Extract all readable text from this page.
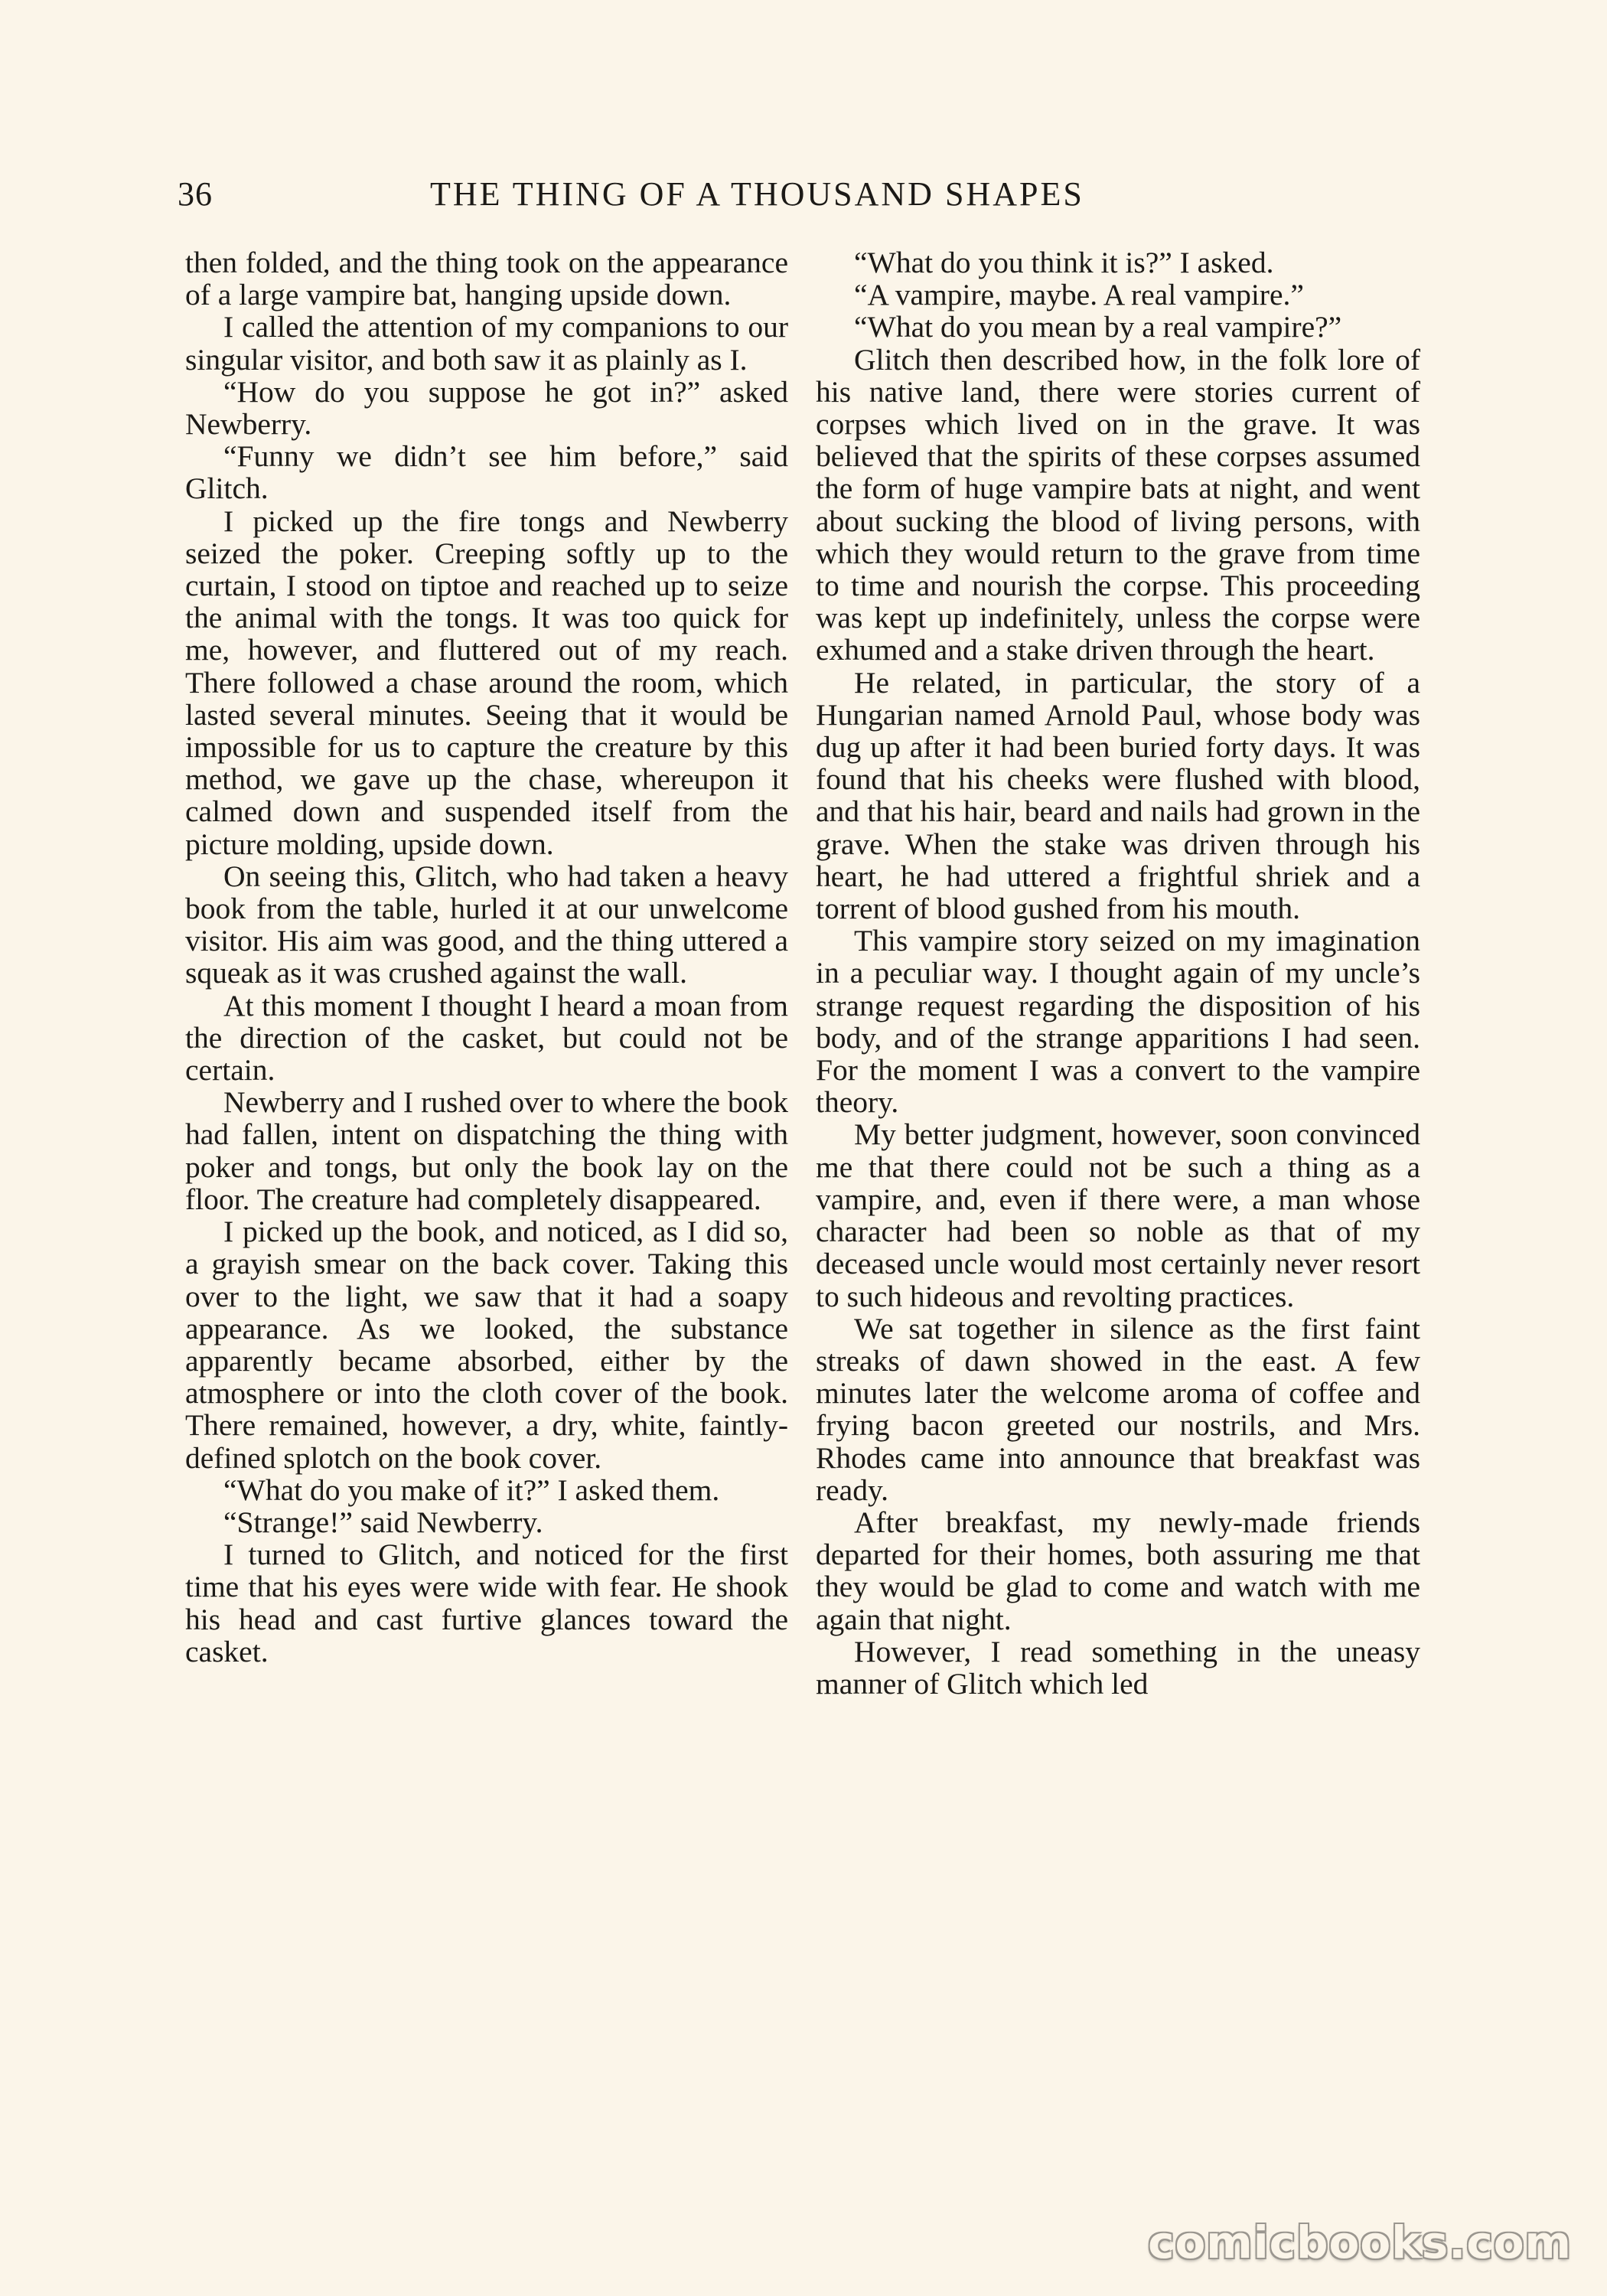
36	THE THING OF A THOUSAND SHAPES

then folded, and the thing took on the appearance of a large vampire bat, hanging upside down.

I called the attention of my companions to our singular visitor, and both saw it as plainly as I.

“How do you suppose he got in?” asked Newberry.

“Funny we didn’t see him before,” said Glitch.

I picked up the fire tongs and Newberry seized the poker. Creeping softly up to the curtain, I stood on tiptoe and reached up to seize the animal with the tongs. It was too quick for me, however, and fluttered out of my reach. There followed a chase around the room, which lasted several minutes. Seeing that it would be impossible for us to capture the creature by this method, we gave up the chase, whereupon it calmed down and suspended itself from the picture molding, upside down.

On seeing this, Glitch, who had taken a heavy book from the table, hurled it at our unwelcome visitor. His aim was good, and the thing uttered a squeak as it was crushed against the wall.

At this moment I thought I heard a moan from the direction of the casket, but could not be certain.

Newberry and I rushed over to where the book had fallen, intent on dispatching the thing with poker and tongs, but only the book lay on the floor. The creature had completely disappeared.

I picked up the book, and noticed, as I did so, a grayish smear on the back cover. Taking this over to the light, we saw that it had a soapy appearance. As we looked, the substance apparently became absorbed, either by the atmosphere or into the cloth cover of the book. There remained, however, a dry, white, faintly-defined splotch on the book cover.

“What do you make of it?” I asked them.

“Strange!” said Newberry.

I turned to Glitch, and noticed for the first time that his eyes were wide with fear. He shook his head and cast furtive glances toward the casket.

“What do you think it is?” I asked.

“A vampire, maybe. A real vampire.”

“What do you mean by a real vampire?”

Glitch then described how, in the folk lore of his native land, there were stories current of corpses which lived on in the grave. It was believed that the spirits of these corpses assumed the form of huge vampire bats at night, and went about sucking the blood of living persons, with which they would return to the grave from time to time and nourish the corpse. This proceeding was kept up indefinitely, unless the corpse were exhumed and a stake driven through the heart.

He related, in particular, the story of a Hungarian named Arnold Paul, whose body was dug up after it had been buried forty days. It was found that his cheeks were flushed with blood, and that his hair, beard and nails had grown in the grave. When the stake was driven through his heart, he had uttered a frightful shriek and a torrent of blood gushed from his mouth.

This vampire story seized on my imagination in a peculiar way. I thought again of my uncle’s strange request regarding the disposition of his body, and of the strange apparitions I had seen. For the moment I was a convert to the vampire theory.

My better judgment, however, soon convinced me that there could not be such a thing as a vampire, and, even if there were, a man whose character had been so noble as that of my deceased uncle would most certainly never resort to such hideous and revolting practices.

We sat together in silence as the first faint streaks of dawn showed in the east. A few minutes later the welcome aroma of coffee and frying bacon greeted our nostrils, and Mrs. Rhodes came into announce that breakfast was ready.

After breakfast, my newly-made friends departed for their homes, both assuring me that they would be glad to come and watch with me again that night.

However, I read something in the uneasy manner of Glitch which led

comicbooks.com
